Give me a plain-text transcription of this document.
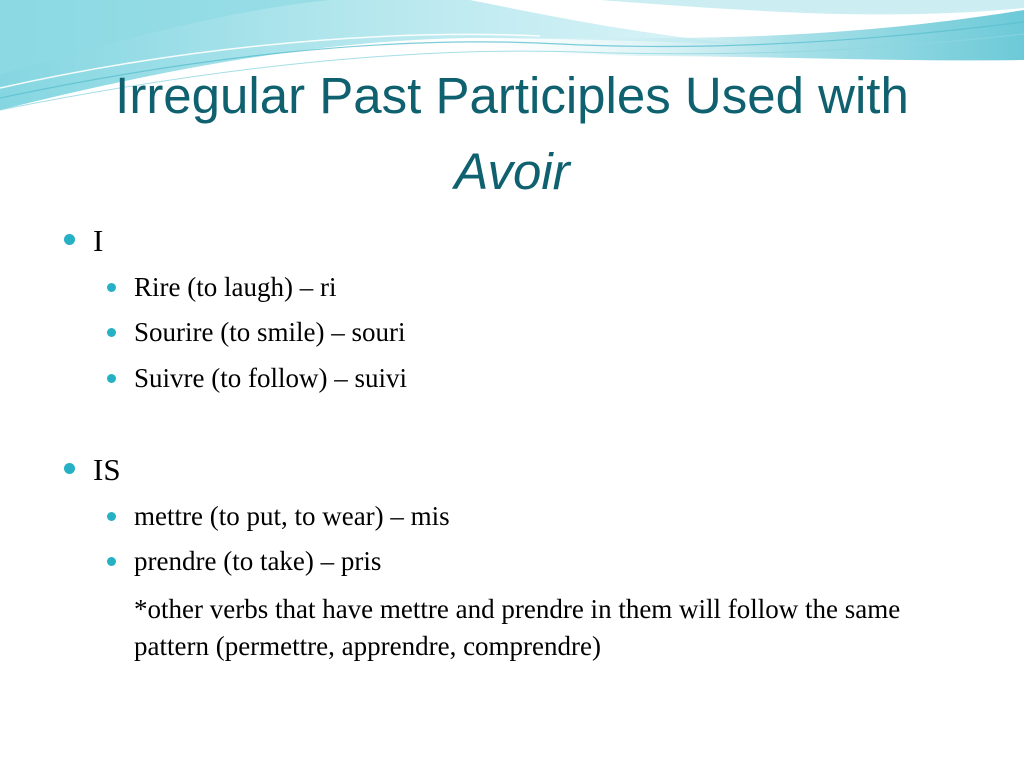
Irregular Past Participles Used with
Avoir
I
Rire (to laugh) – ri
Sourire (to smile) – souri
Suivre (to follow) – suivi
IS
mettre (to put, to wear) – mis
prendre (to take) – pris
*other verbs that have mettre and prendre in them will follow the same pattern (permettre, apprendre, comprendre)
